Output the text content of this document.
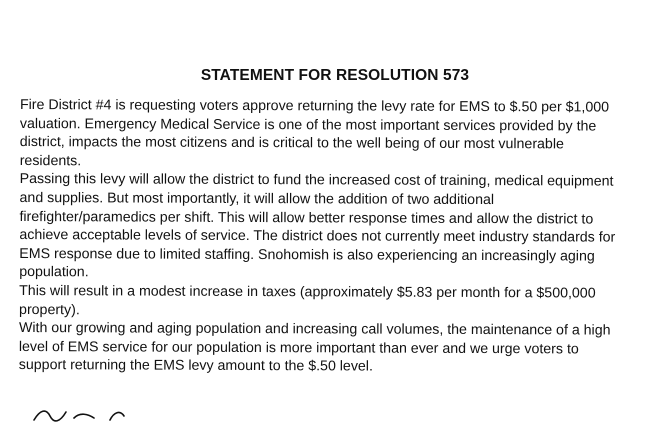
STATEMENT FOR RESOLUTION 573

Fire District #4 is requesting voters approve returning the levy rate for EMS to $.50 per $1,000 valuation. Emergency Medical Service is one of the most important services provided by the district, impacts the most citizens and is critical to the well being of our most vulnerable residents.

Passing this levy will allow the district to fund the increased cost of training, medical equipment and supplies. But most importantly, it will allow the addition of two additional firefighter/paramedics per shift. This will allow better response times and allow the district to achieve acceptable levels of service. The district does not currently meet industry standards for EMS response due to limited staffing. Snohomish is also experiencing an increasingly aging population.

This will result in a modest increase in taxes (approximately $5.83 per month for a $500,000 property).

With our growing and aging population and increasing call volumes, the maintenance of a high level of EMS service for our population is more important than ever and we urge voters to support returning the EMS levy amount to the $.50 level.
